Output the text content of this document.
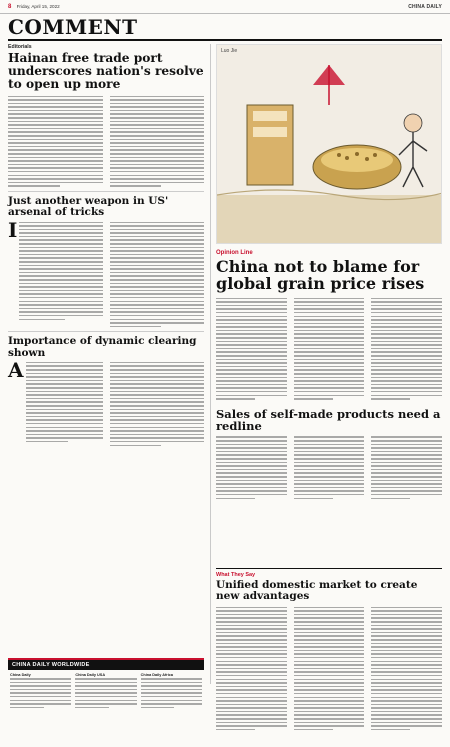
8 Friday, April 15, 2022	CHINA DAILY
COMMENT
Editorials
Hainan free trade port underscores nation's resolve to open up more
Just another weapon in US' arsenal of tricks
I
Importance of dynamic clearing shown
A
CHINA DAILY WORLDWIDE
China Daily	China Daily USA	China Daily Africa
Luo Jie
Opinion Line
China not to blame for global grain price rises
Sales of self-made products need a redline
What They Say
Unified domestic market to create new advantages
